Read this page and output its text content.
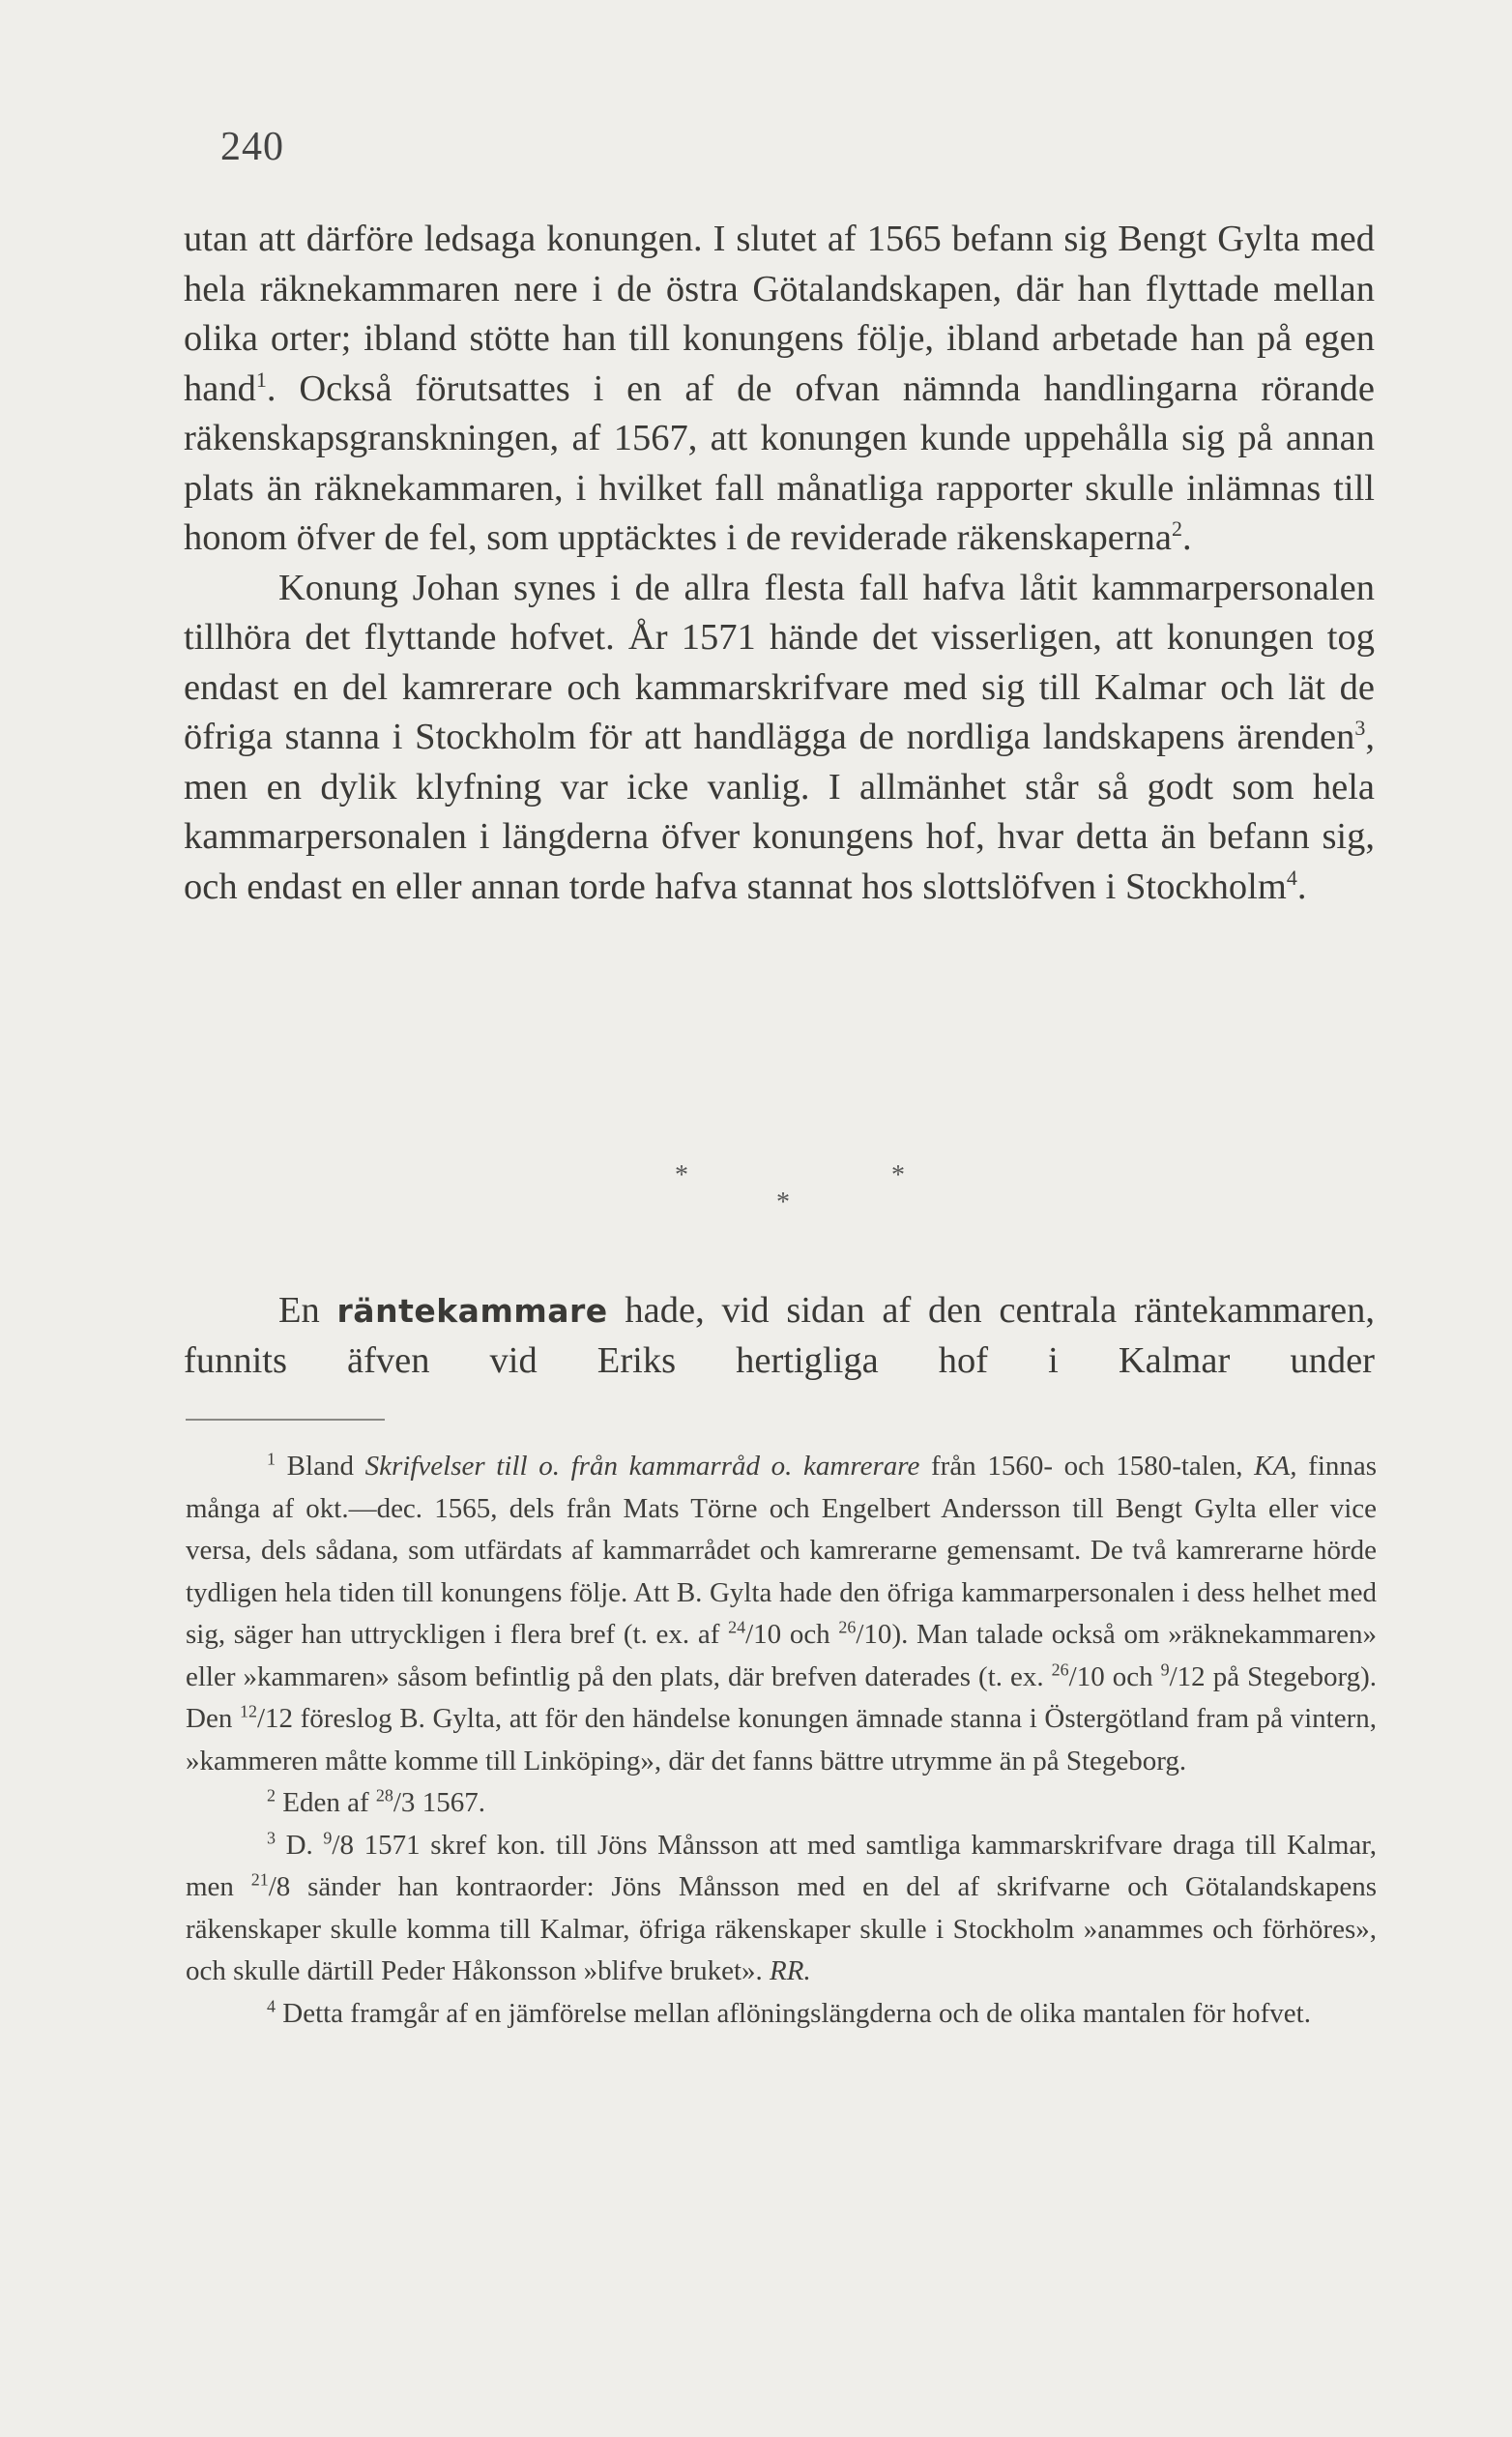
240

utan att därföre ledsaga konungen. I slutet af 1565 befann sig Bengt Gylta med hela räknekammaren nere i de östra Götalandskapen, där han flyttade mellan olika orter; ibland stötte han till konungens följe, ibland arbetade han på egen hand$^1$. Också förutsattes i en af de ofvan nämnda handlingarna rörande räkenskapsgranskningen, af 1567, att konungen kunde uppehålla sig på annan plats än räknekammaren, i hvilket fall månatliga rapporter skulle inlämnas till honom öfver de fel, som upptäcktes i de reviderade räkenskaperna$^2$.

Konung Johan synes i de allra flesta fall hafva låtit kammarpersonalen tillhöra det flyttande hofvet. År 1571 hände det visserligen, att konungen tog endast en del kamrerare och kammarskrifvare med sig till Kalmar och lät de öfriga stanna i Stockholm för att handlägga de nordliga landskapens ärenden$^3$, men en dylik klyfning var icke vanlig. I allmänhet står så godt som hela kammarpersonalen i längderna öfver konungens hof, hvar detta än befann sig, och endast en eller annan torde hafva stannat hos slottslöfven i Stockholm$^4$.

*	*
*

En räntekammare hade, vid sidan af den centrala räntekammaren, funnits äfven vid Eriks hertigliga hof i Kalmar under

$^1$ Bland Skrifvelser till o. från kammarråd o. kamrerare från 1560- och 1580-talen, KA, finnas många af okt.—dec. 1565, dels från Mats Törne och Engelbert Andersson till Bengt Gylta eller vice versa, dels sådana, som utfärdats af kammarrådet och kamrerarne gemensamt. De två kamrerarne hörde tydligen hela tiden till konungens följe. Att B. Gylta hade den öfriga kammarpersonalen i dess helhet med sig, säger han uttryckligen i flera bref (t. ex. af $^{24}$/10 och $^{26}$/10). Man talade också om »räknekammaren» eller »kammaren» såsom befintlig på den plats, där brefven daterades (t. ex. $^{26}$/10 och $^9$/12 på Stegeborg). Den $^{12}$/12 föreslog B. Gylta, att för den händelse konungen ämnade stanna i Östergötland fram på vintern, »kammeren måtte komme till Linköping», där det fanns bättre utrymme än på Stegeborg.

$^2$ Eden af $^{28}$/3 1567.

$^3$ D. $^9$/8 1571 skref kon. till Jöns Månsson att med samtliga kammarskrifvare draga till Kalmar, men $^{21}$/8 sänder han kontraorder: Jöns Månsson med en del af skrifvarne och Götalandskapens räkenskaper skulle komma till Kalmar, öfriga räkenskaper skulle i Stockholm »anammes och förhöres», och skulle därtill Peder Håkonsson »blifve bruket». RR.

$^4$ Detta framgår af en jämförelse mellan aflöningslängderna och de olika mantalen för hofvet.
